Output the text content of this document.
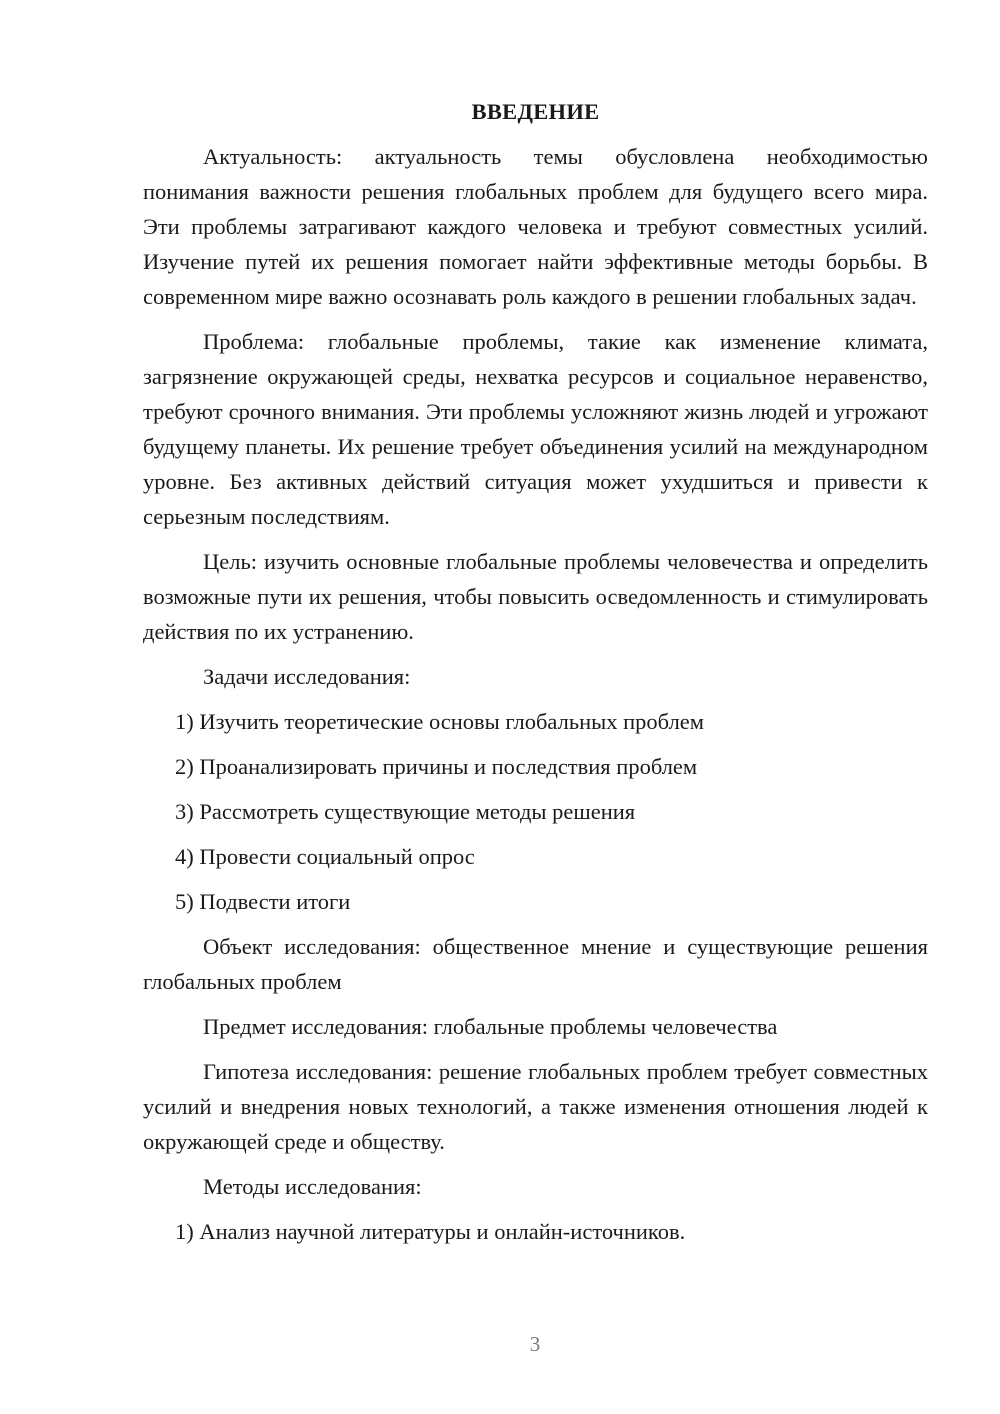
ВВЕДЕНИЕ

Актуальность: актуальность темы обусловлена необходимостью понимания важности решения глобальных проблем для будущего всего мира. Эти проблемы затрагивают каждого человека и требуют совместных усилий. Изучение путей их решения помогает найти эффективные методы борьбы. В современном мире важно осознавать роль каждого в решении глобальных задач.

Проблема: глобальные проблемы, такие как изменение климата, загрязнение окружающей среды, нехватка ресурсов и социальное неравенство, требуют срочного внимания. Эти проблемы усложняют жизнь людей и угрожают будущему планеты. Их решение требует объединения усилий на международном уровне. Без активных действий ситуация может ухудшиться и привести к серьезным последствиям.

Цель: изучить основные глобальные проблемы человечества и определить возможные пути их решения, чтобы повысить осведомленность и стимулировать действия по их устранению.

Задачи исследования:
1) Изучить теоретические основы глобальных проблем
2) Проанализировать причины и последствия проблем
3) Рассмотреть существующие методы решения
4) Провести социальный опрос
5) Подвести итоги

Объект исследования: общественное мнение и существующие решения глобальных проблем

Предмет исследования: глобальные проблемы человечества

Гипотеза исследования: решение глобальных проблем требует совместных усилий и внедрения новых технологий, а также изменения отношения людей к окружающей среде и обществу.

Методы исследования:
1) Анализ научной литературы и онлайн-источников.
3
